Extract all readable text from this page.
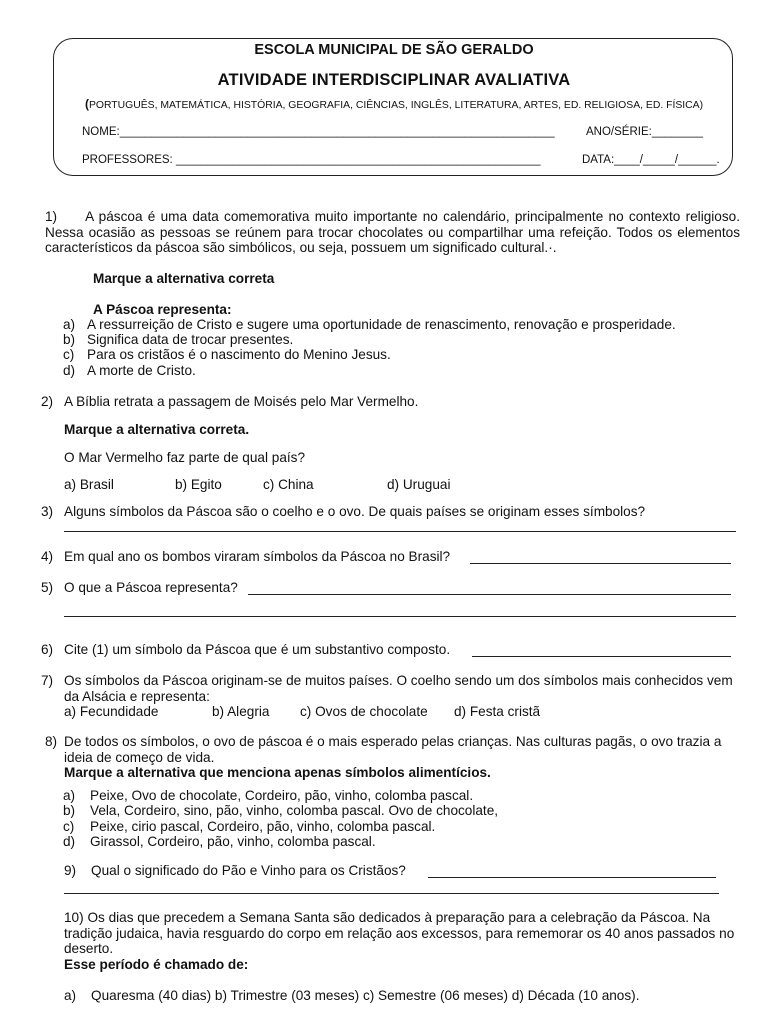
ESCOLA MUNICIPAL DE SÃO GERALDO
ATIVIDADE INTERDISCIPLINAR AVALIATIVA
(PORTUGUÊS, MATEMÁTICA, HISTÓRIA, GEOGRAFIA, CIÊNCIAS, INGLÊS, LITERATURA, ARTES, ED. RELIGIOSA, ED. FÍSICA)
NOME:____________________________________________________________________	ANO/SÉRIE:________
PROFESSORES: _________________________________________________________	DATA:____/_____/______.
1) A páscoa é uma data comemorativa muito importante no calendário, principalmente no contexto religioso. Nessa ocasião as pessoas se reúnem para trocar chocolates ou compartilhar uma refeição. Todos os elementos característicos da páscoa são simbólicos, ou seja, possuem um significado cultural.·.
Marque a alternativa correta
A Páscoa representa:
a) A ressurreição de Cristo e sugere uma oportunidade de renascimento, renovação e prosperidade.
b) Significa data de trocar presentes.
c) Para os cristãos é o nascimento do Menino Jesus.
d) A morte de Cristo.
2) A Bíblia retrata a passagem de Moisés pelo Mar Vermelho.
Marque a alternativa correta.
O Mar Vermelho faz parte de qual país?
a) Brasil	b) Egito	c) China	d) Uruguai
3) Alguns símbolos da Páscoa são o coelho e o ovo. De quais países se originam esses símbolos?
4) Em qual ano os bombos viraram símbolos da Páscoa no Brasil?
5) O que a Páscoa representa?
6) Cite (1) um símbolo da Páscoa que é um substantivo composto.
7) Os símbolos da Páscoa originam-se de muitos países. O coelho sendo um dos símbolos mais conhecidos vem da Alsácia e representa:
a) Fecundidade	b) Alegria c) Ovos de chocolate d) Festa cristã
8) De todos os símbolos, o ovo de páscoa é o mais esperado pelas crianças. Nas culturas pagãs, o ovo trazia a ideia de começo de vida.
Marque a alternativa que menciona apenas símbolos alimentícios.
a) Peixe, Ovo de chocolate, Cordeiro, pão, vinho, colomba pascal.
b) Vela, Cordeiro, sino, pão, vinho, colomba pascal. Ovo de chocolate,
c) Peixe, cirio pascal, Cordeiro, pão, vinho, colomba pascal.
d) Girassol, Cordeiro, pão, vinho, colomba pascal.
9) Qual o significado do Pão e Vinho para os Cristãos?
10) Os dias que precedem a Semana Santa são dedicados à preparação para a celebração da Páscoa. Na tradição judaica, havia resguardo do corpo em relação aos excessos, para rememorar os 40 anos passados no deserto.
Esse período é chamado de:
a) Quaresma (40 dias) b) Trimestre (03 meses) c) Semestre (06 meses) d) Década (10 anos).
